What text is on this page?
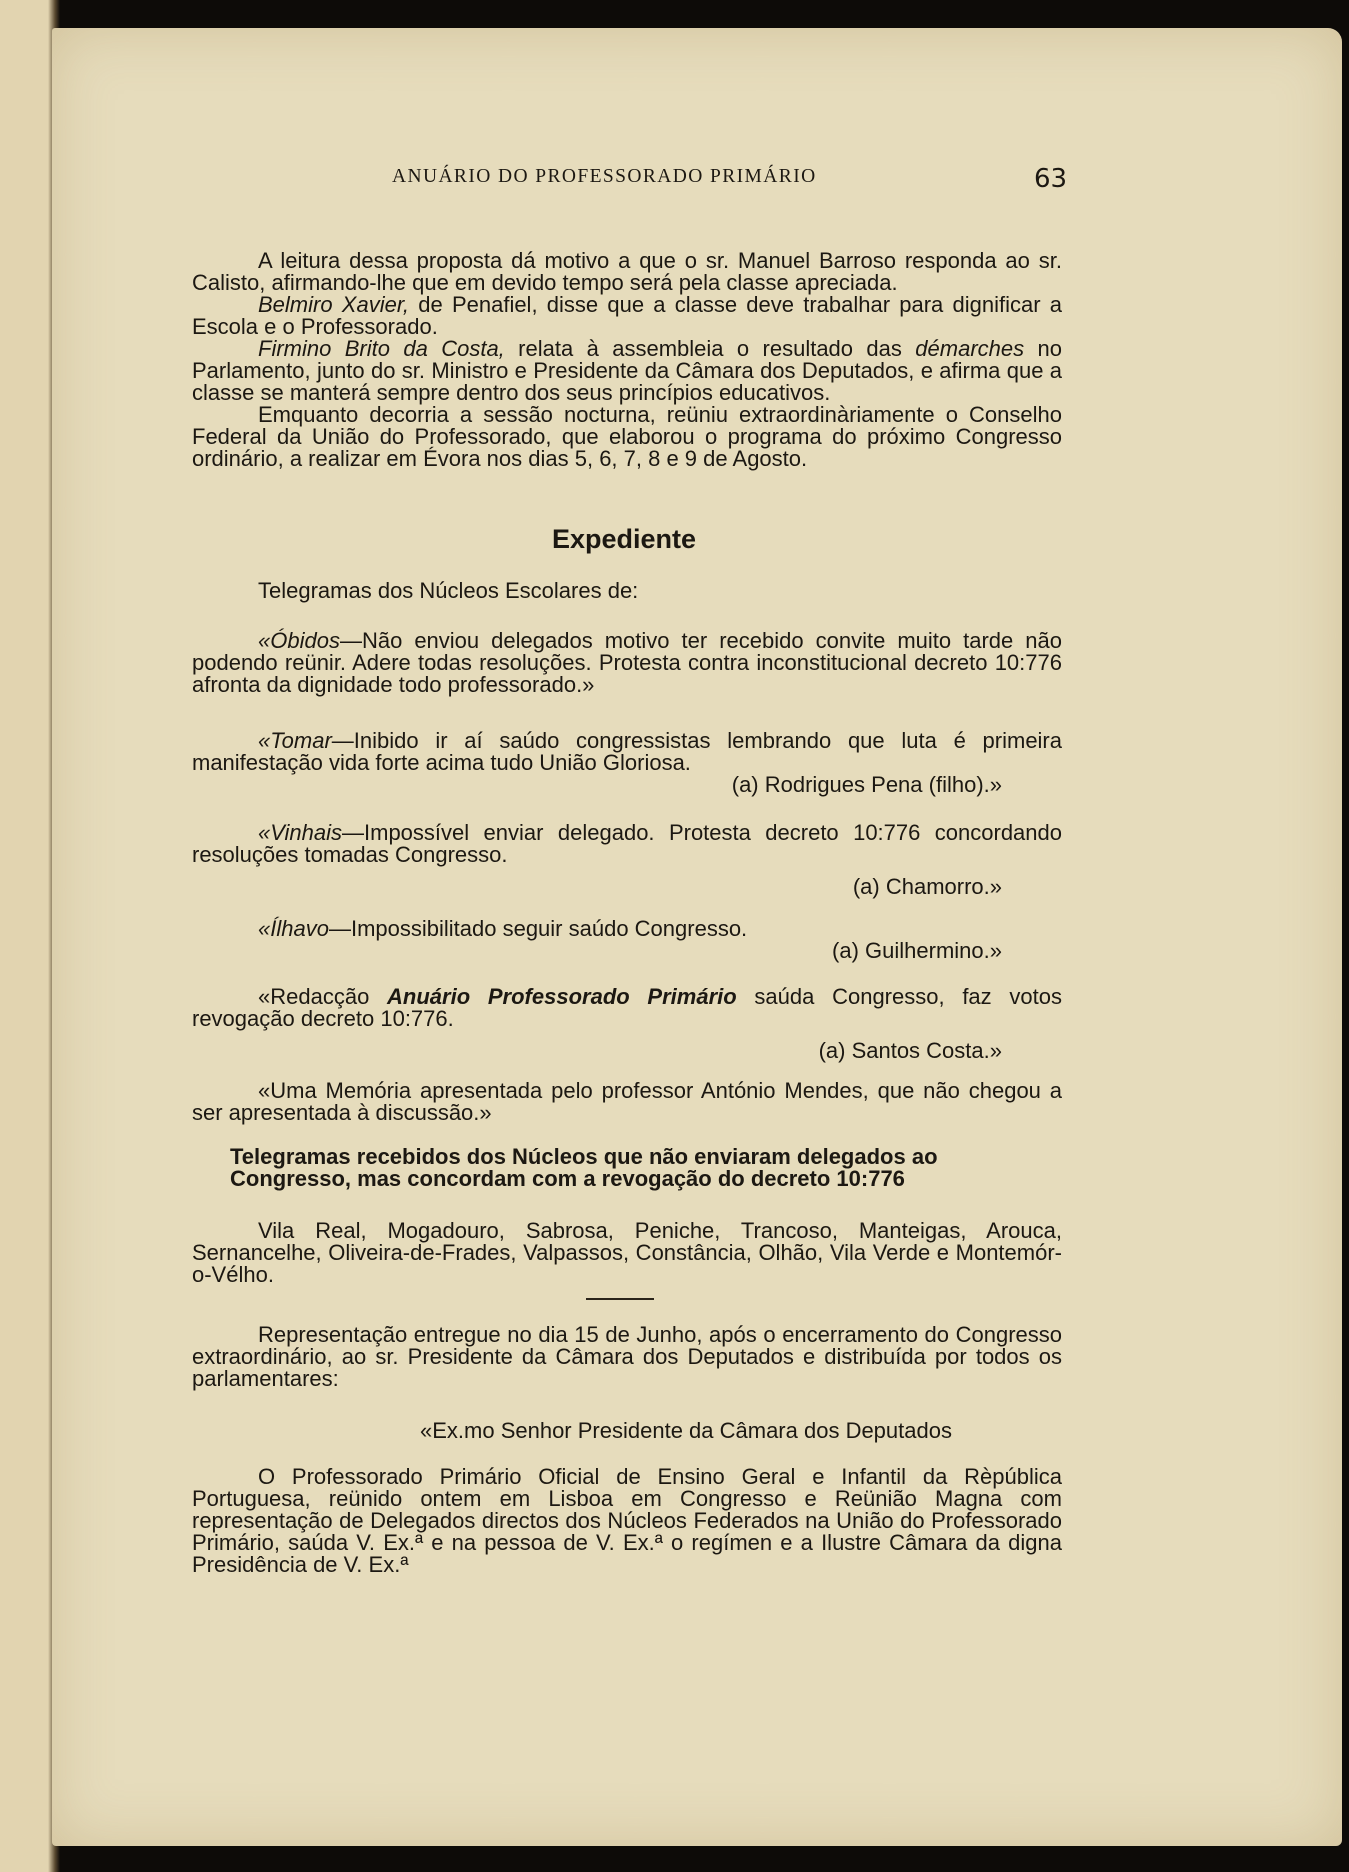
ANUÁRIO DO PROFESSORADO PRIMÁRIO	63

A leitura dessa proposta dá motivo a que o sr. Manuel Barroso responda ao sr. Calisto, afirmando-lhe que em devido tempo será pela classe apreciada.

Belmiro Xavier, de Penafiel, disse que a classe deve trabalhar para dignificar a Escola e o Professorado.

Firmino Brito da Costa, relata à assembleia o resultado das démarches no Parlamento, junto do sr. Ministro e Presidente da Câmara dos Deputados, e afirma que a classe se manterá sempre dentro dos seus princípios educativos.

Emquanto decorria a sessão nocturna, reüniu extraordinàriamente o Conselho Federal da União do Professorado, que elaborou o programa do próximo Congresso ordinário, a realizar em Évora nos dias 5, 6, 7, 8 e 9 de Agosto.

Expediente

Telegramas dos Núcleos Escolares de:

«Óbidos—Não enviou delegados motivo ter recebido convite muito tarde não podendo reünir. Adere todas resoluções. Protesta contra inconstitucional decreto 10:776 afronta da dignidade todo professorado.»

«Tomar—Inibido ir aí saúdo congressistas lembrando que luta é primeira manifestação vida forte acima tudo União Gloriosa.

(a) Rodrigues Pena (filho).»

«Vinhais—Impossível enviar delegado. Protesta decreto 10:776 concordando resoluções tomadas Congresso.

(a) Chamorro.»

«Ílhavo—Impossibilitado seguir saúdo Congresso.

(a) Guilhermino.»

«Redacção Anuário Professorado Primário saúda Congresso, faz votos revogação decreto 10:776.

(a) Santos Costa.»

«Uma Memória apresentada pelo professor António Mendes, que não chegou a ser apresentada à discussão.»

Telegramas recebidos dos Núcleos que não enviaram delegados ao Congresso, mas concordam com a revogação do decreto 10:776

Vila Real, Mogadouro, Sabrosa, Peniche, Trancoso, Manteigas, Arouca, Sernancelhe, Oliveira-de-Frades, Valpassos, Constância, Olhão, Vila Verde e Montemór-o-Vélho.

Representação entregue no dia 15 de Junho, após o encerramento do Congresso extraordinário, ao sr. Presidente da Câmara dos Deputados e distribuída por todos os parlamentares:

«Ex.mo Senhor Presidente da Câmara dos Deputados

O Professorado Primário Oficial de Ensino Geral e Infantil da Rèpública Portuguesa, reünido ontem em Lisboa em Congresso e Reünião Magna com representação de Delegados directos dos Núcleos Federados na União do Professorado Primário, saúda V. Ex.ª e na pessoa de V. Ex.ª o regímen e a Ilustre Câmara da digna Presidência de V. Ex.ª
